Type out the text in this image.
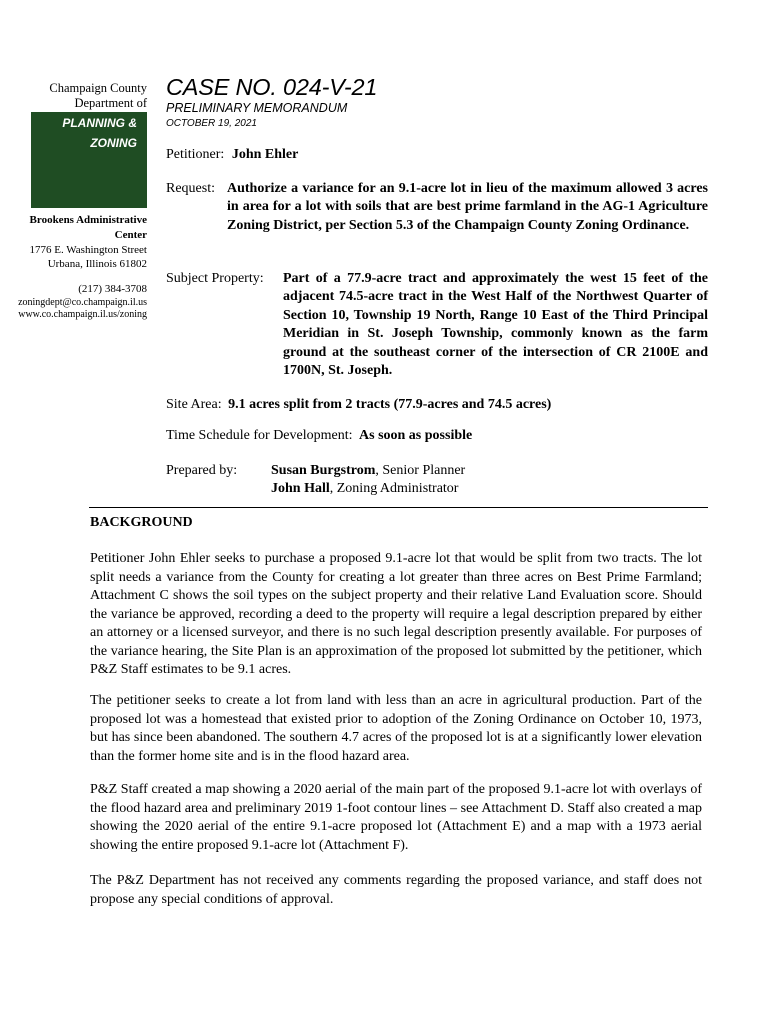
Champaign County
Department of
PLANNING &
ZONING
Brookens Administrative
Center
1776 E. Washington Street
Urbana, Illinois 61802
(217) 384-3708
zoningdept@co.champaign.il.us
www.co.champaign.il.us/zoning
CASE NO. 024-V-21
PRELIMINARY MEMORANDUM
OCTOBER 19, 2021
Petitioner: John Ehler
Request: Authorize a variance for an 9.1-acre lot in lieu of the maximum allowed 3 acres in area for a lot with soils that are best prime farmland in the AG-1 Agriculture Zoning District, per Section 5.3 of the Champaign County Zoning Ordinance.
Subject Property: Part of a 77.9-acre tract and approximately the west 15 feet of the adjacent 74.5-acre tract in the West Half of the Northwest Quarter of Section 10, Township 19 North, Range 10 East of the Third Principal Meridian in St. Joseph Township, commonly known as the farm ground at the southeast corner of the intersection of CR 2100E and 1700N, St. Joseph.
Site Area: 9.1 acres split from 2 tracts (77.9-acres and 74.5 acres)
Time Schedule for Development: As soon as possible
Prepared by: Susan Burgstrom, Senior Planner
John Hall, Zoning Administrator
BACKGROUND
Petitioner John Ehler seeks to purchase a proposed 9.1-acre lot that would be split from two tracts. The lot split needs a variance from the County for creating a lot greater than three acres on Best Prime Farmland; Attachment C shows the soil types on the subject property and their relative Land Evaluation score. Should the variance be approved, recording a deed to the property will require a legal description prepared by either an attorney or a licensed surveyor, and there is no such legal description presently available. For purposes of the variance hearing, the Site Plan is an approximation of the proposed lot submitted by the petitioner, which P&Z Staff estimates to be 9.1 acres.
The petitioner seeks to create a lot from land with less than an acre in agricultural production. Part of the proposed lot was a homestead that existed prior to adoption of the Zoning Ordinance on October 10, 1973, but has since been abandoned. The southern 4.7 acres of the proposed lot is at a significantly lower elevation than the former home site and is in the flood hazard area.
P&Z Staff created a map showing a 2020 aerial of the main part of the proposed 9.1-acre lot with overlays of the flood hazard area and preliminary 2019 1-foot contour lines – see Attachment D. Staff also created a map showing the 2020 aerial of the entire 9.1-acre proposed lot (Attachment E) and a map with a 1973 aerial showing the entire proposed 9.1-acre lot (Attachment F).
The P&Z Department has not received any comments regarding the proposed variance, and staff does not propose any special conditions of approval.
